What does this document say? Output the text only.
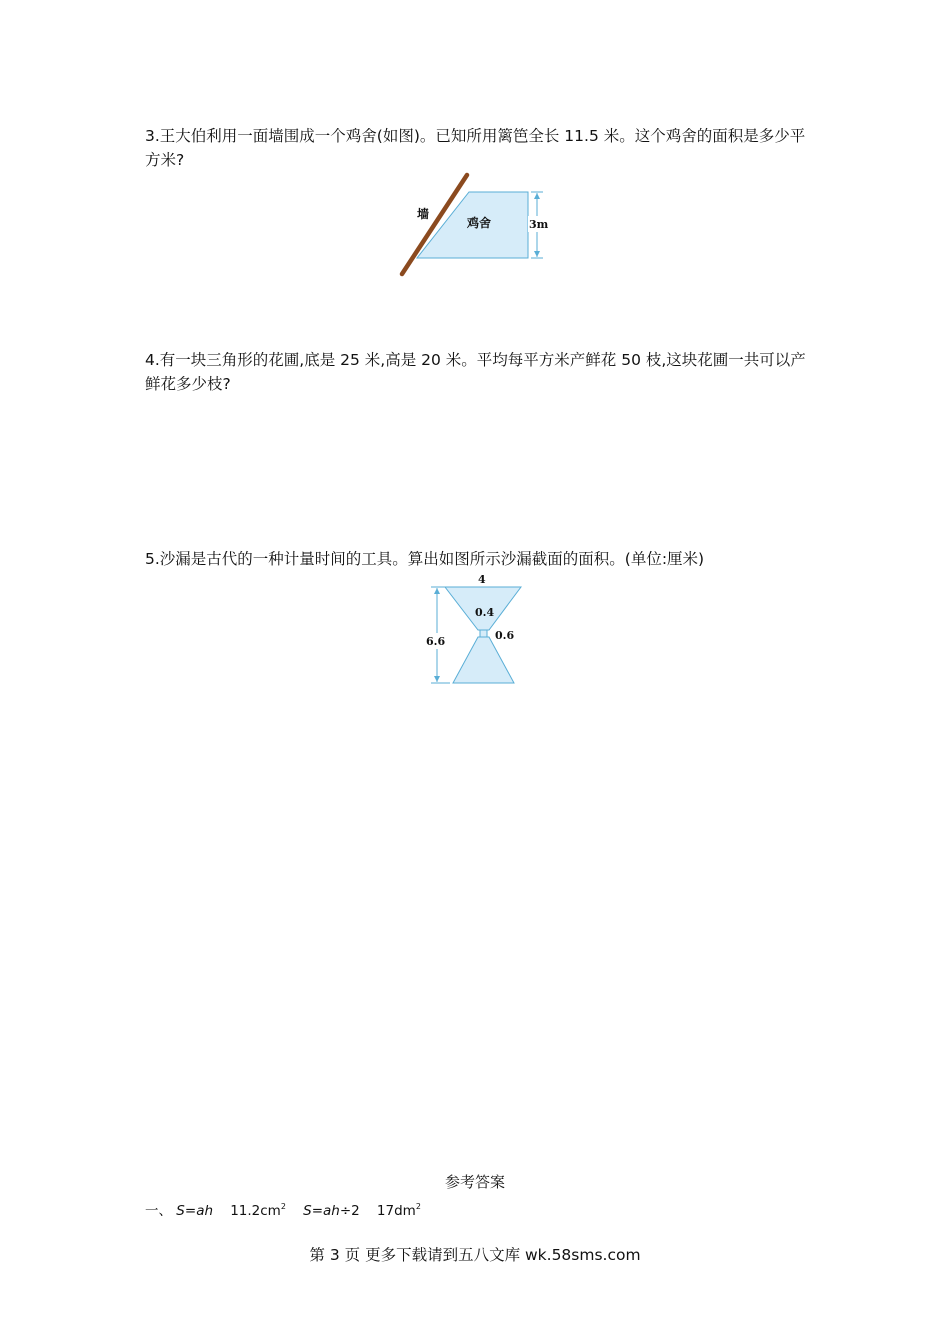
3.王大伯利用一面墙围成一个鸡舍(如图)。已知所用篱笆全长 11.5 米。这个鸡舍的面积是多少平方米?
墙
鸡舍	3m
4.有一块三角形的花圃,底是 25 米,高是 20 米。平均每平方米产鲜花 50 枝,这块花圃一共可以产鲜花多少枝?
5.沙漏是古代的一种计量时间的工具。算出如图所示沙漏截面的面积。(单位:厘米)
4
0.4
0.6
6.6
参考答案
一、 S=ah $11.2cm^2$ S=ah÷2 $17dm^2$
第 3 页 更多下载请到五八文库 wk.58sms.com
